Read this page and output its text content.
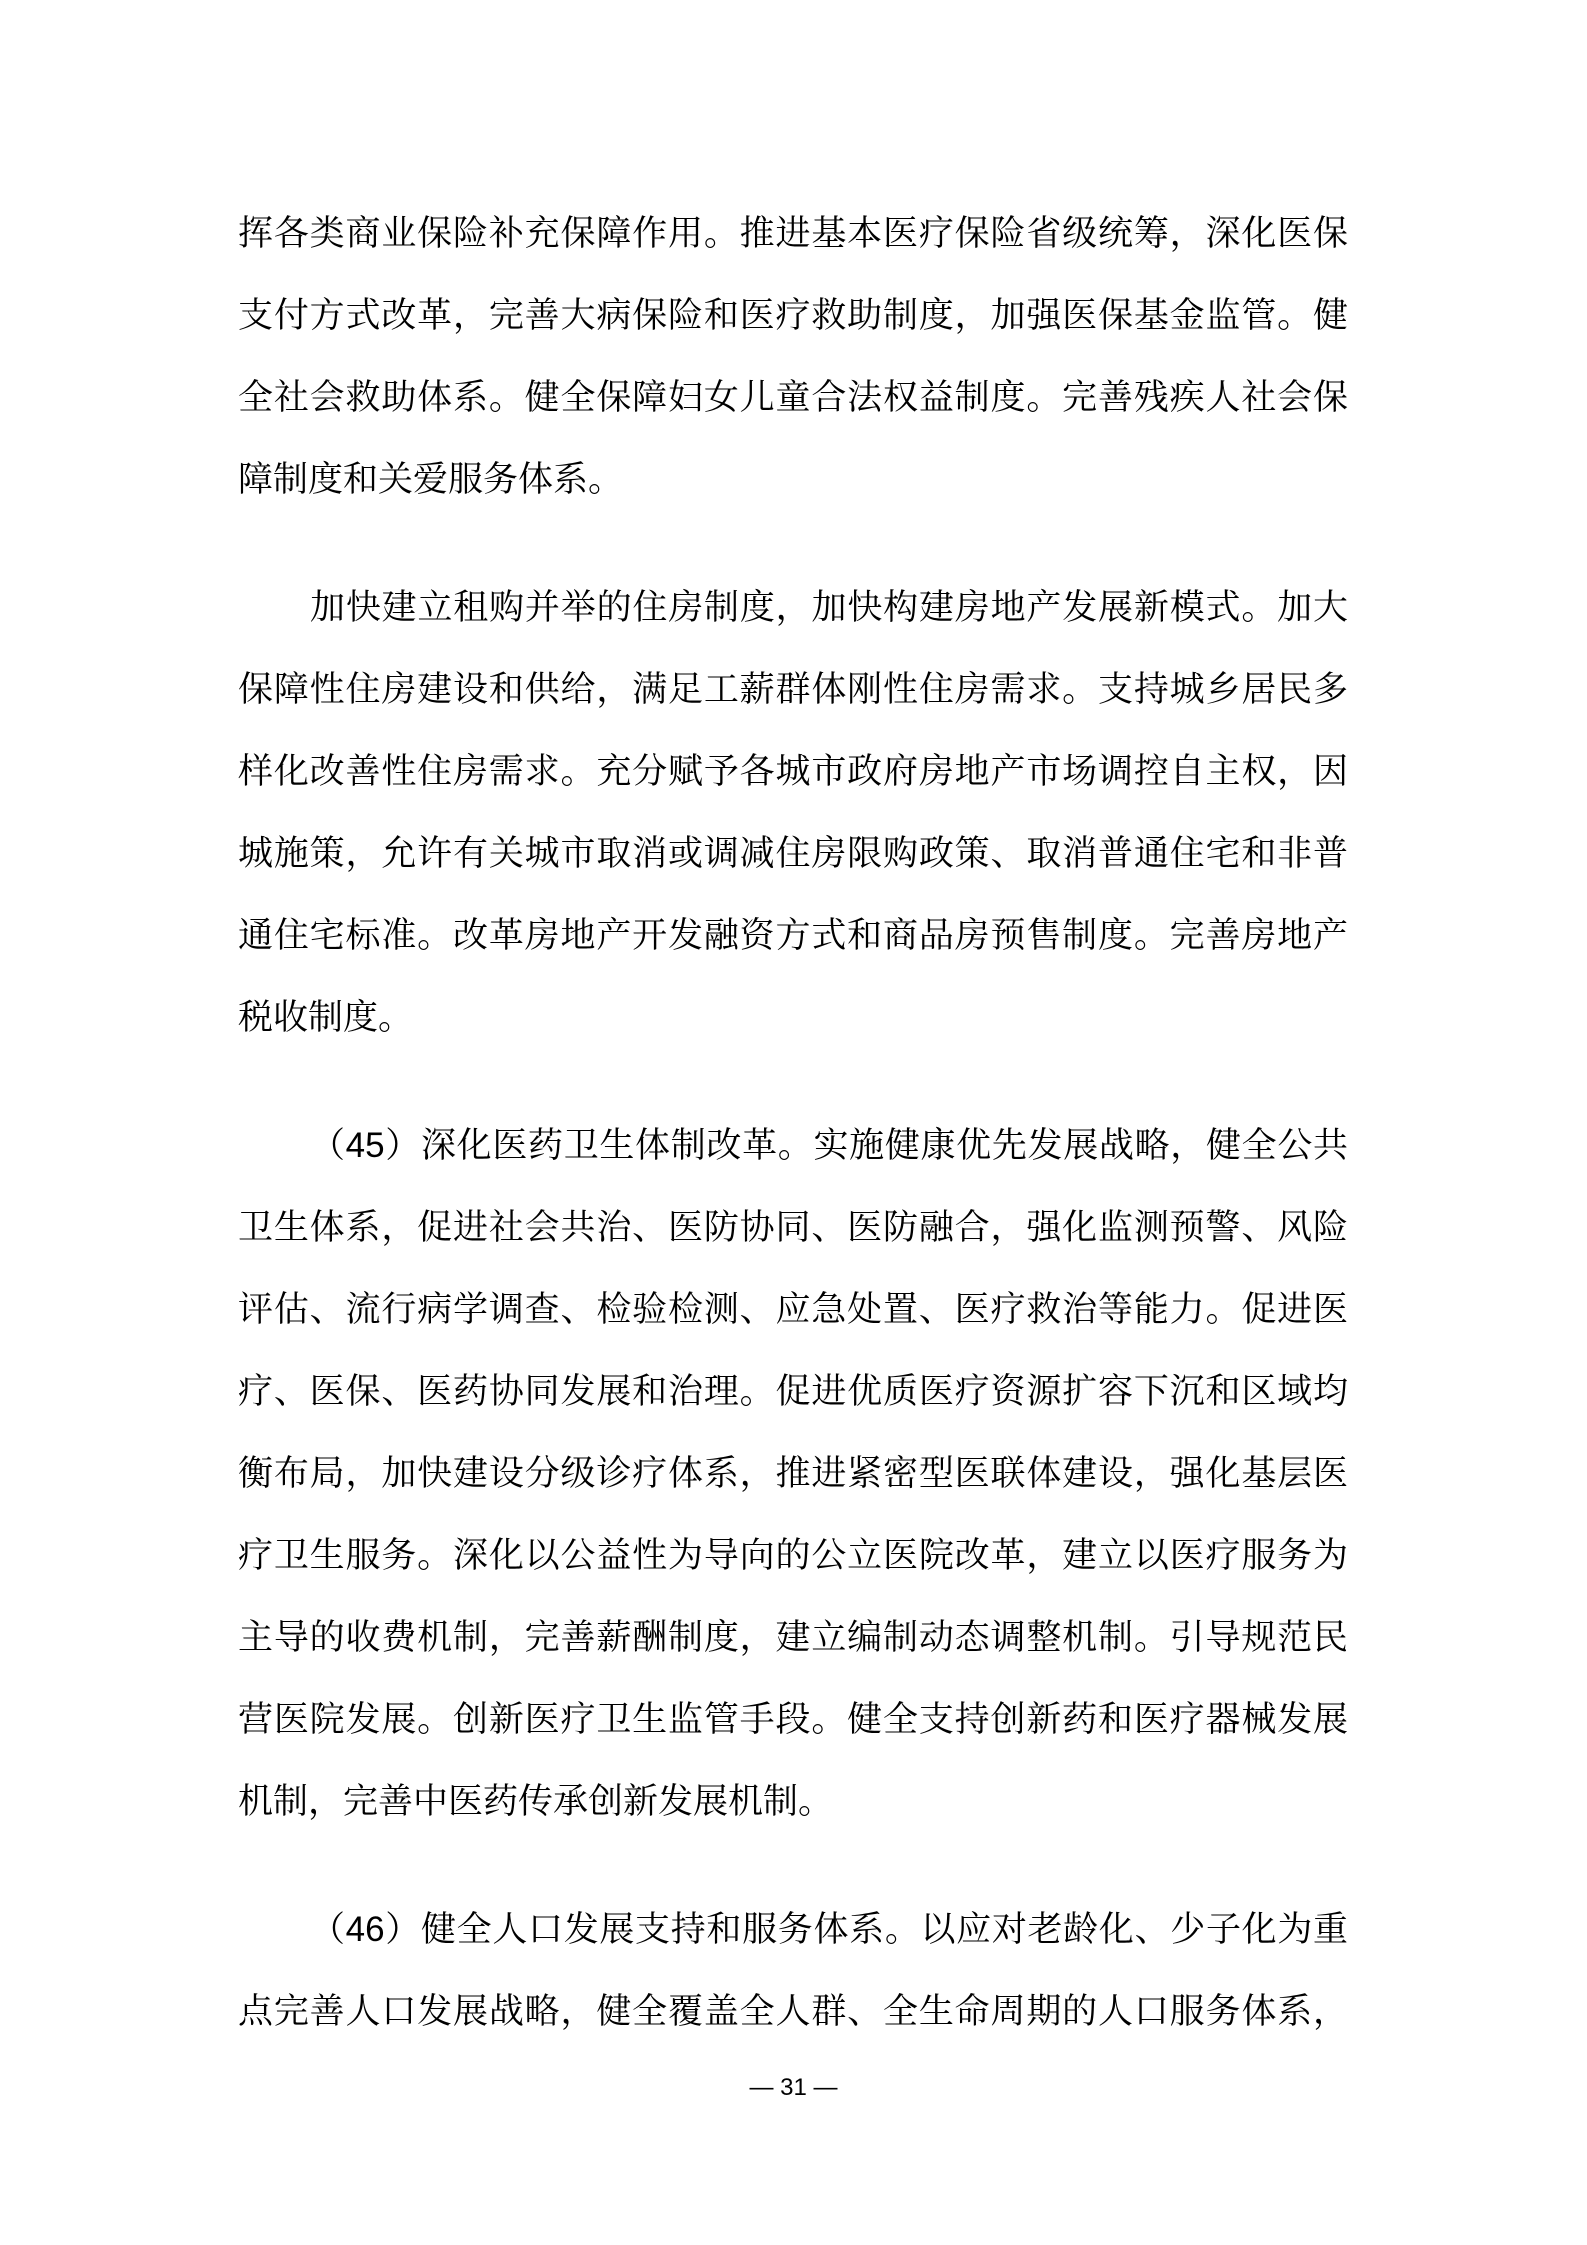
挥各类商业保险补充保障作用。推进基本医疗保险省级统筹，深化医保
支付方式改革，完善大病保险和医疗救助制度，加强医保基金监管。健
全社会救助体系。健全保障妇女儿童合法权益制度。完善残疾人社会保
障制度和关爱服务体系。
加快建立租购并举的住房制度，加快构建房地产发展新模式。加大
保障性住房建设和供给，满足工薪群体刚性住房需求。支持城乡居民多
样化改善性住房需求。充分赋予各城市政府房地产市场调控自主权，因
城施策，允许有关城市取消或调减住房限购政策、取消普通住宅和非普
通住宅标准。改革房地产开发融资方式和商品房预售制度。完善房地产
税收制度。
（45）深化医药卫生体制改革。实施健康优先发展战略，健全公共
卫生体系，促进社会共治、医防协同、医防融合，强化监测预警、风险
评估、流行病学调查、检验检测、应急处置、医疗救治等能力。促进医
疗、医保、医药协同发展和治理。促进优质医疗资源扩容下沉和区域均
衡布局，加快建设分级诊疗体系，推进紧密型医联体建设，强化基层医
疗卫生服务。深化以公益性为导向的公立医院改革，建立以医疗服务为
主导的收费机制，完善薪酬制度，建立编制动态调整机制。引导规范民
营医院发展。创新医疗卫生监管手段。健全支持创新药和医疗器械发展
机制，完善中医药传承创新发展机制。
（46）健全人口发展支持和服务体系。以应对老龄化、少子化为重
点完善人口发展战略，健全覆盖全人群、全生命周期的人口服务体系，
— 31 —
